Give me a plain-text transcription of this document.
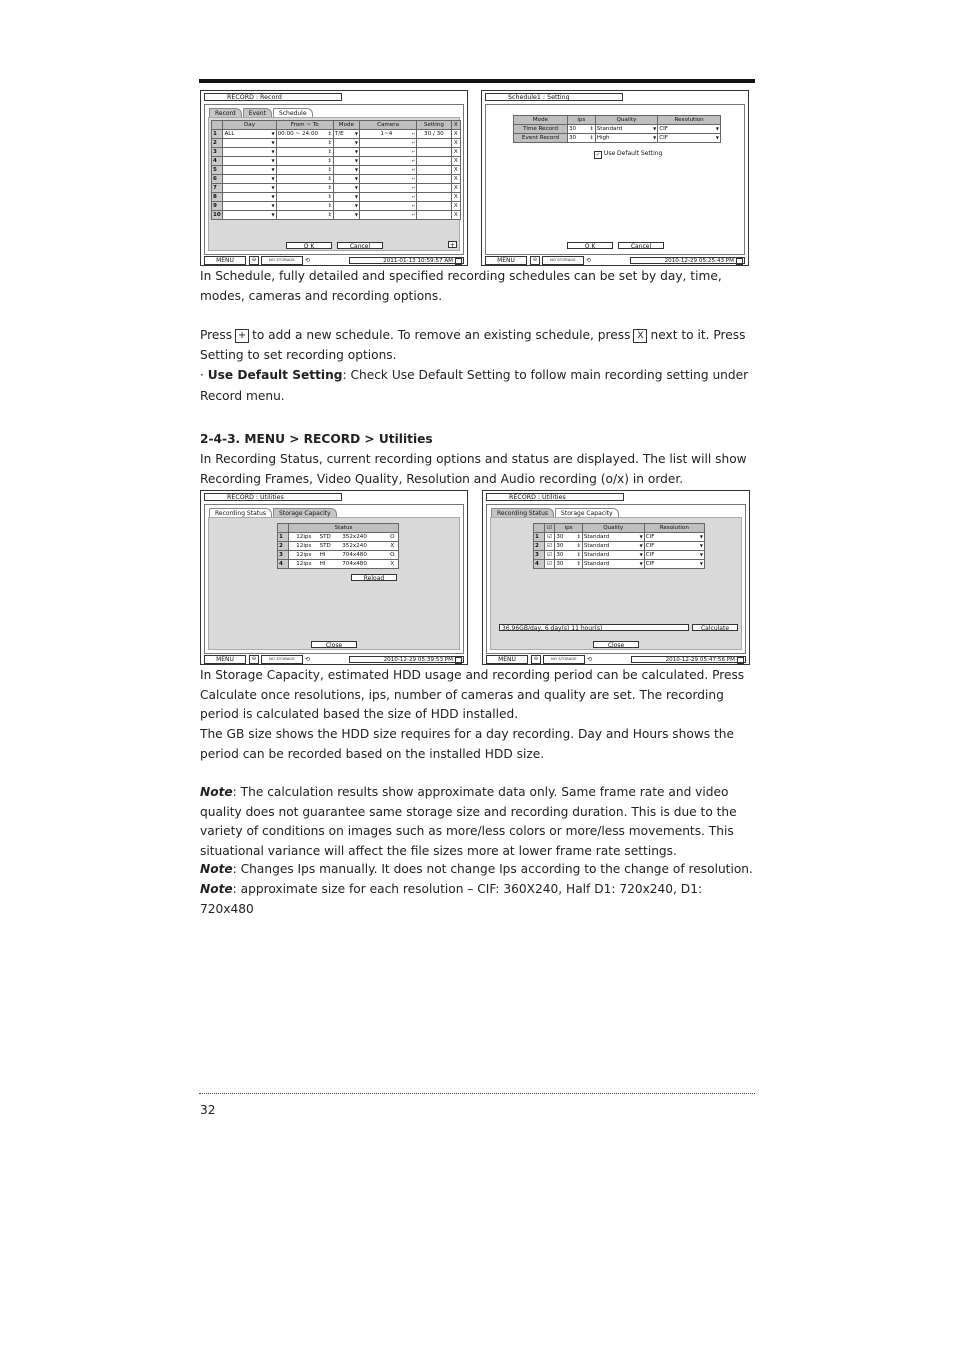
RECORD : Record
Record	Event	Schedule
	Day	From ~ To	Mode	Camera	Setting	X
1	ALL ▼	00:00 ~ 24:00 ⇕	T/E ▼	1~4 ↵	30 / 30	X
2	▼	⇕	▼	↵		X
3	▼	⇕	▼	↵		X
4	▼	⇕	▼	↵		X
5	▼	⇕	▼	↵		X
6	▼	⇕	▼	↵		X
7	▼	⇕	▼	↵		X
8	▼	⇕	▼	↵		X
9	▼	⇕	▼	↵		X
10	▼	⇕	▼	↵		X
+
O K	Cancel
MENU	⊖	NO STORAGE	⟲	2011-01-13 10:59:57 AM
Schedule1 : Setting
Mode	ips	Quality	Resolution
Time Record	30 ⇕	Standard ▼	CIF ▼

Event Record	30 ⇕	High ▼	CIF ▼
✓ Use Default Setting
O K	Cancel
MENU	⊖	NO STORAGE	⟲	2010-12-29 05:25:43 PM

In Schedule, fully detailed and specified recording schedules can be set by day, time, modes, cameras and recording options.

Press + to add a new schedule. To remove an existing schedule, press X next to it. Press Setting to set recording options.

· Use Default Setting: Check Use Default Setting to follow main recording setting under Record menu.

2-4-3. MENU > RECORD > Utilities

In Recording Status, current recording options and status are displayed. The list will show Recording Frames, Video Quality, Resolution and Audio recording (o/x) in order.

RECORD : Utilities
Recording Status	Storage Capacity
	Status			
1	12ips	STD	352x240	O
2	12ips	STD	352x240	X
3	12ips	HI	704x480	O
4	12ips	HI	704x480	X
Reload
Close
MENU	⊖	NO STORAGE	⟲	2010-12-29 05:39:53 PM
RECORD : Utilities
Recording Status	Storage Capacity
	☑	ips	Quality	Resolution
1	☑	30 ⇕	Standard ▼	CIF ▼

2	☑	30 ⇕	Standard ▼	CIF ▼

3	☑	30 ⇕	Standard ▼	CIF ▼

4	☑	30 ⇕	Standard ▼	CIF ▼
36.96GB/day, 6 day(s) 11 hour(s)	Calculate
Close
MENU	⊖	NO STORAGE	⟲	2010-12-29 05:47:56 PM

In Storage Capacity, estimated HDD usage and recording period can be calculated. Press Calculate once resolutions, ips, number of cameras and quality are set. The recording period is calculated based the size of HDD installed.

The GB size shows the HDD size requires for a day recording. Day and Hours shows the period can be recorded based on the installed HDD size.

Note: The calculation results show approximate data only. Same frame rate and video quality does not guarantee same storage size and recording duration. This is due to the variety of conditions on images such as more/less colors or more/less movements. This situational variance will affect the file sizes more at lower frame rate settings.

Note: Changes Ips manually. It does not change Ips according to the change of resolution.

Note: approximate size for each resolution – CIF: 360X240, Half D1: 720x240, D1: 720x480

32
